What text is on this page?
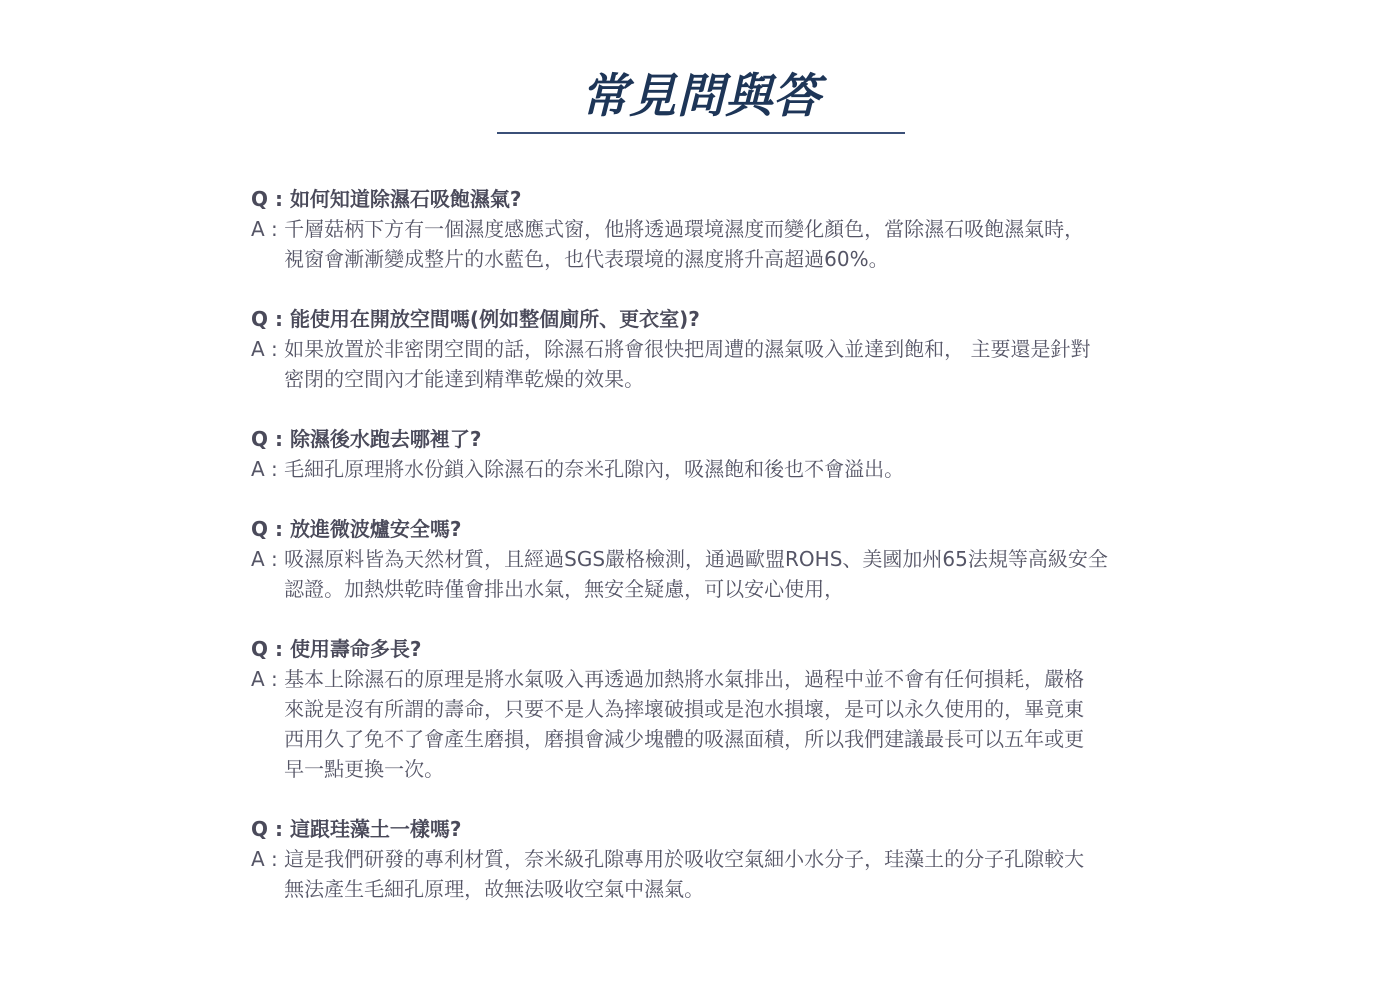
常見問與答
Q : 如何知道除濕石吸飽濕氣?
A : 千層菇柄下方有一個濕度感應式窗，他將透過環境濕度而變化顏色，當除濕石吸飽濕氣時，
視窗會漸漸變成整片的水藍色，也代表環境的濕度將升高超過60%。
Q : 能使用在開放空間嗎(例如整個廁所、更衣室)?
A : 如果放置於非密閉空間的話，除濕石將會很快把周遭的濕氣吸入並達到飽和， 主要還是針對
密閉的空間內才能達到精準乾燥的效果。
Q : 除濕後水跑去哪裡了?
A : 毛細孔原理將水份鎖入除濕石的奈米孔隙內，吸濕飽和後也不會溢出。
Q : 放進微波爐安全嗎?
A : 吸濕原料皆為天然材質，且經過SGS嚴格檢測，通過歐盟ROHS、美國加州65法規等高級安全
認證。加熱烘乾時僅會排出水氣，無安全疑慮，可以安心使用，
Q : 使用壽命多長?
A : 基本上除濕石的原理是將水氣吸入再透過加熱將水氣排出，過程中並不會有任何損耗，嚴格
來說是沒有所謂的壽命，只要不是人為摔壞破損或是泡水損壞，是可以永久使用的，畢竟東
西用久了免不了會產生磨損，磨損會減少塊體的吸濕面積，所以我們建議最長可以五年或更
早一點更換一次。
Q : 這跟珪藻土一樣嗎?
A : 這是我們研發的專利材質，奈米級孔隙專用於吸收空氣細小水分子，珪藻土的分子孔隙較大
無法產生毛細孔原理，故無法吸收空氣中濕氣。
